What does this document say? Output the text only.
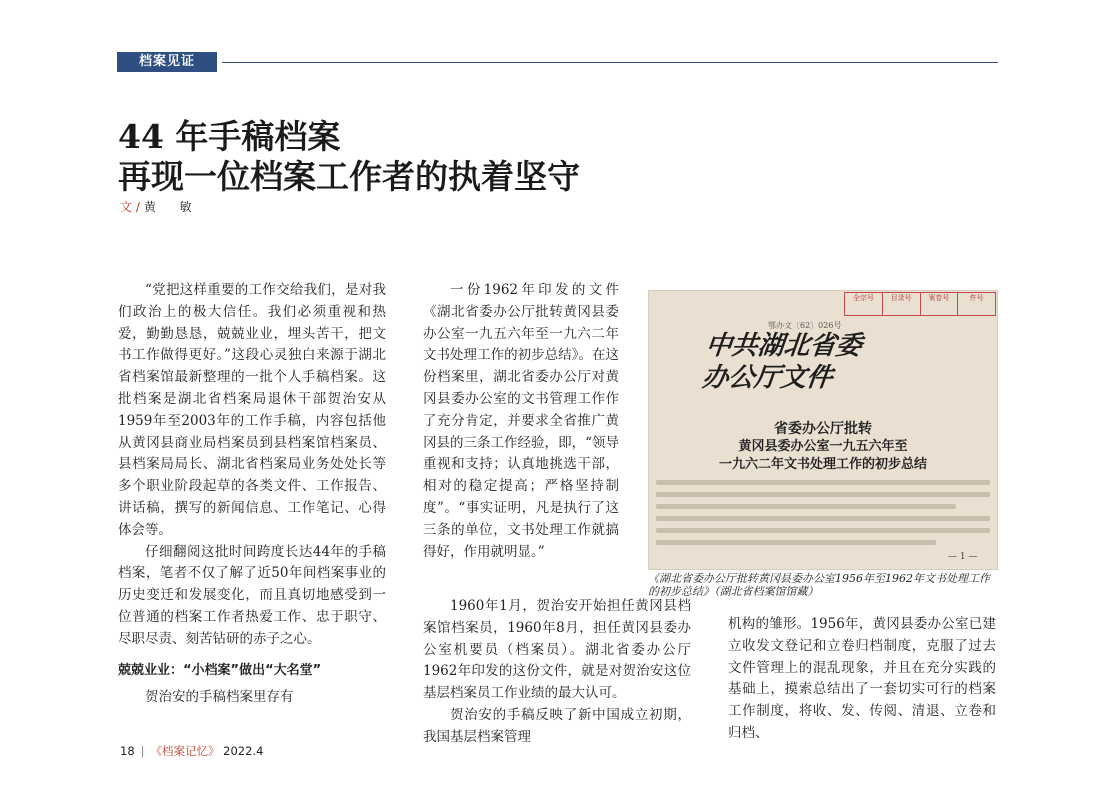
档案见证
44 年手稿档案
再现一位档案工作者的执着坚守
文 / 黄 敏

“党把这样重要的工作交给我们，是对我们政治上的极大信任。我们必须重视和热爱，勤勤恳恳，兢兢业业，埋头苦干，把文书工作做得更好。”这段心灵独白来源于湖北省档案馆最新整理的一批个人手稿档案。这批档案是湖北省档案局退休干部贺治安从1959年至2003年的工作手稿，内容包括他从黄冈县商业局档案员到县档案馆档案员、县档案局局长、湖北省档案局业务处处长等多个职业阶段起草的各类文件、工作报告、讲话稿，撰写的新闻信息、工作笔记、心得体会等。

仔细翻阅这批时间跨度长达44年的手稿档案，笔者不仅了解了近50年间档案事业的历史变迁和发展变化，而且真切地感受到一位普通的档案工作者热爱工作、忠于职守、尽职尽责、刻苦钻研的赤子之心。

兢兢业业：“小档案”做出“大名堂”

贺治安的手稿档案里存有

一份1962年印发的文件《湖北省委办公厅批转黄冈县委办公室一九五六年至一九六二年文书处理工作的初步总结》。在这份档案里，湖北省委办公厅对黄冈县委办公室的文书管理工作作了充分肯定，并要求全省推广黄冈县的三条工作经验，即，“领导重视和支持；认真地挑选干部，相对的稳定提高；严格坚持制度”。“事实证明，凡是执行了这三条的单位，文书处理工作就搞得好，作用就明显。”

1960年1月，贺治安开始担任黄冈县档案馆档案员，1960年8月，担任黄冈县委办公室机要员（档案员）。湖北省委办公厅1962年印发的这份文件，就是对贺治安这位基层档案员工作业绩的最大认可。

贺治安的手稿反映了新中国成立初期，我国基层档案管理

全宗号	目录号	案卷号	件号
鄂办文〔62〕026号
中共湖北省委
办公厅文件
省委办公厅批转
黄冈县委办公室一九五六年至
一九六二年文书处理工作的初步总结
— 1 —
《湖北省委办公厅批转黄冈县委办公室1956年至1962年文书处理工作的初步总结》（湖北省档案馆馆藏）

机构的雏形。1956年，黄冈县委办公室已建立收发文登记和立卷归档制度，克服了过去文件管理上的混乱现象，并且在充分实践的基础上，摸索总结出了一套切实可行的档案工作制度，将收、发、传阅、清退、立卷和归档、

18 | 《档案记忆》 2022.4
